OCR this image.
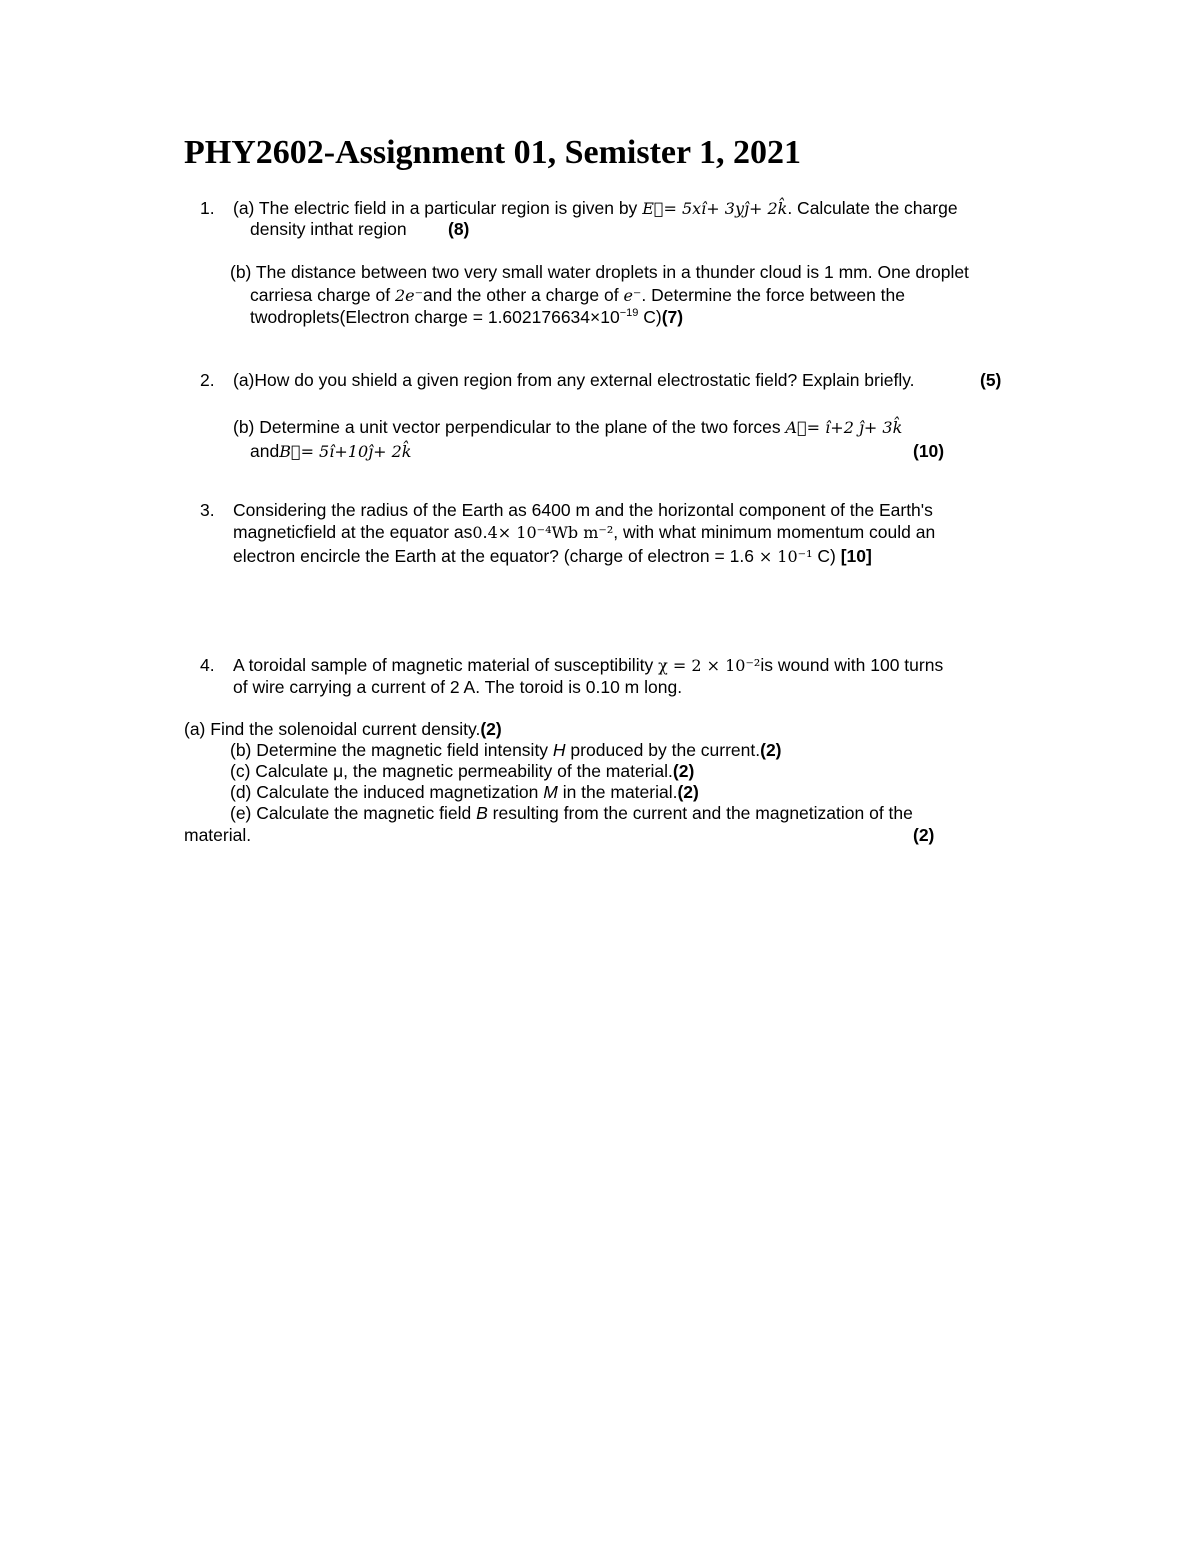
PHY2602-Assignment 01, Semister 1, 2021
1. (a) The electric field in a particular region is given by E⃗= 5xî+ 3yĵ+ 2k̂. Calculate the charge
density inthat region (8)
(b) The distance between two very small water droplets in a thunder cloud is 1 mm. One droplet
carriesa charge of 2e⁻and the other a charge of e⁻. Determine the force between the
twodroplets(Electron charge = $1.602176634\times 10^{-19}$ C)(7)
2. (a)How do you shield a given region from any external electrostatic field? Explain briefly.	(5)
(b) Determine a unit vector perpendicular to the plane of the two forces A⃗= î+2 ĵ+ 3k̂
andB⃗= 5î+10ĵ+ 2k̂	(10)
3. Considering the radius of the Earth as 6400 m and the horizontal component of the Earth's
magneticfield at the equator as0.4× 10⁻⁴Wb m⁻², with what minimum momentum could an
electron encircle the Earth at the equator? (charge of electron = 1.6 × 10⁻¹ C) [10]
4. A toroidal sample of magnetic material of susceptibility χ = 2 × 10⁻²is wound with 100 turns
of wire carrying a current of 2 A. The toroid is 0.10 m long.
(a) Find the solenoidal current density.(2)
(b) Determine the magnetic field intensity H produced by the current.(2)
(c) Calculate μ, the magnetic permeability of the material.(2)
(d) Calculate the induced magnetization M in the material.(2)
(e) Calculate the magnetic field B resulting from the current and the magnetization of the
material.	(2)
